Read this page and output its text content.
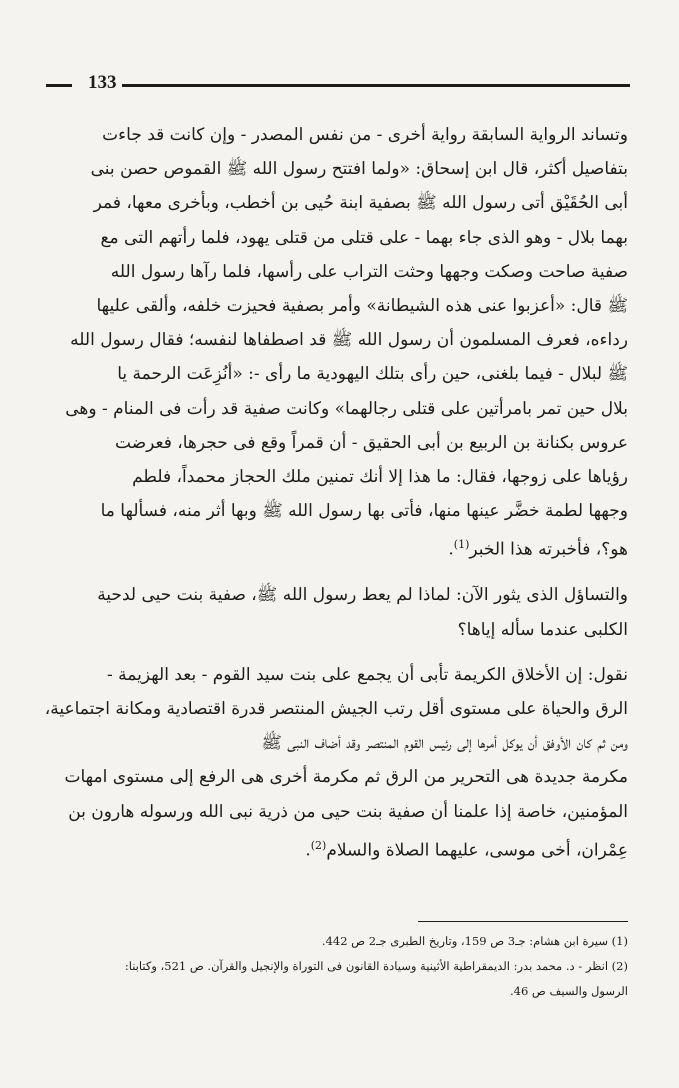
133

وتساند الرواية السابقة رواية أخرى - من نفس المصدر - وإن كانت قد جاءت
بتفاصيل أكثر، قال ابن إسحاق: «ولما افتتح رسول الله ﷺ القموص حصن بنى
أبى الحُقَيْق أتى رسول الله ﷺ بصفية ابنة حُيى بن أخطب، وبأخرى معها، فمر
بهما بلال - وهو الذى جاء بهما - على قتلى من قتلى يهود، فلما رأتهم التى مع
صفية صاحت وصكت وجهها وحثت التراب على رأسها، فلما رآها رسول الله
ﷺ قال: «أعزبوا عنى هذه الشيطانة» وأمر بصفية فحيزت خلفه، وألقى عليها
رداءه، فعرف المسلمون أن رسول الله ﷺ قد اصطفاها لنفسه؛ فقال رسول الله
ﷺ لبلال - فيما بلغنى، حين رأى بتلك اليهودية ما رأى -: «أنُزِعَت الرحمة يا
بلال حين تمر بامرأتين على قتلى رجالهما» وكانت صفية قد رأت فى المنام - وهى
عروس بكنانة بن الربيع بن أبى الحقيق - أن قمراً وقع فى حجرها، فعرضت
رؤياها على زوجها، فقال: ما هذا إلا أنك تمنين ملك الحجاز محمداً، فلطم
وجهها لطمة خضَّر عينها منها، فأتى بها رسول الله ﷺ وبها أثر منه، فسألها ما
هو؟، فأخبرته هذا الخبر$^{(1)}$.

والتساؤل الذى يثور الآن: لماذا لم يعط رسول الله ﷺ، صفية بنت حيى لدحية
الكلبى عندما سأله إياها؟

نقول: إن الأخلاق الكريمة تأبى أن يجمع على بنت سيد القوم - بعد الهزيمة -
الرق والحياة على مستوى أقل رتب الجيش المنتصر قدرة اقتصادية ومكانة اجتماعية،
ومن ثم كان الأوفق أن يوكل أمرها إلى رئيس القوم المنتصر وقد أضاف النبى ﷺ
مكرمة جديدة هى التحرير من الرق ثم مكرمة أخرى هى الرفع إلى مستوى امهات
المؤمنين، خاصة إذا علمنا أن صفية بنت حيى من ذرية نبى الله ورسوله هارون بن
عِمْران، أخى موسى، عليهما الصلاة والسلام$^{(2)}$.

(1) سيرة ابن هشام: جـ3 ص 159، وتاريخ الطبرى جـ2 ص 442.
(2) انظر - د. محمد بدر: الديمقراطية الأثينية وسيادة القانون فى التوراة والإنجيل والقرآن. ص 521، وكتابنا:
الرسول والسيف ص 46.
